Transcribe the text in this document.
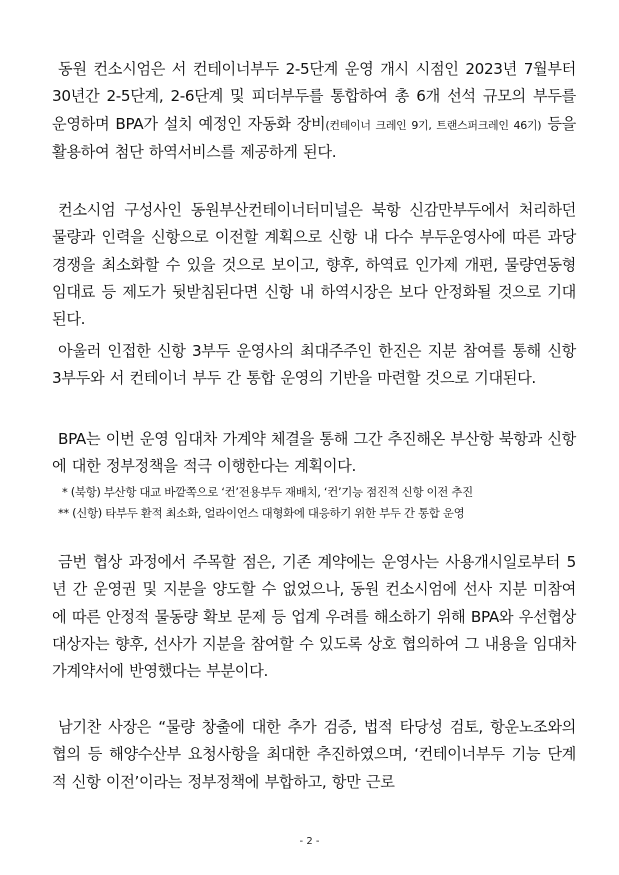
동원 컨소시엄은 서 컨테이너부두 2-5단계 운영 개시 시점인 2023년 7월부터 30년간 2-5단계, 2-6단계 및 피더부두를 통합하여 총 6개 선석 규모의 부두를 운영하며 BPA가 설치 예정인 자동화 장비(컨테이너 크레인 9기, 트랜스퍼크레인 46기) 등을 활용하여 첨단 하역서비스를 제공하게 된다.

컨소시엄 구성사인 동원부산컨테이너터미널은 북항 신감만부두에서 처리하던 물량과 인력을 신항으로 이전할 계획으로 신항 내 다수 부두운영사에 따른 과당경쟁을 최소화할 수 있을 것으로 보이고, 향후, 하역료 인가제 개편, 물량연동형 임대료 등 제도가 뒷받침된다면 신항 내 하역시장은 보다 안정화될 것으로 기대된다.

아울러 인접한 신항 3부두 운영사의 최대주주인 한진은 지분 참여를 통해 신항 3부두와 서 컨테이너 부두 간 통합 운영의 기반을 마련할 것으로 기대된다.

BPA는 이번 운영 임대차 가계약 체결을 통해 그간 추진해온 부산항 북항과 신항에 대한 정부정책을 적극 이행한다는 계획이다.

* (북항) 부산항 대교 바깥쪽으로 ‘컨’전용부두 재배치, ‘컨’기능 점진적 신항 이전 추진

** (신항) 타부두 환적 최소화, 얼라이언스 대형화에 대응하기 위한 부두 간 통합 운영

금번 협상 과정에서 주목할 점은, 기존 계약에는 운영사는 사용개시일로부터 5년 간 운영권 및 지분을 양도할 수 없었으나, 동원 컨소시엄에 선사 지분 미참여에 따른 안정적 물동량 확보 문제 등 업계 우려를 해소하기 위해 BPA와 우선협상대상자는 향후, 선사가 지분을 참여할 수 있도록 상호 협의하여 그 내용을 임대차 가계약서에 반영했다는 부분이다.

남기찬 사장은 “물량 창출에 대한 추가 검증, 법적 타당성 검토, 항운노조와의 협의 등 해양수산부 요청사항을 최대한 추진하였으며, ‘컨테이너부두 기능 단계적 신항 이전’이라는 정부정책에 부합하고, 항만 근로

- 2 -
